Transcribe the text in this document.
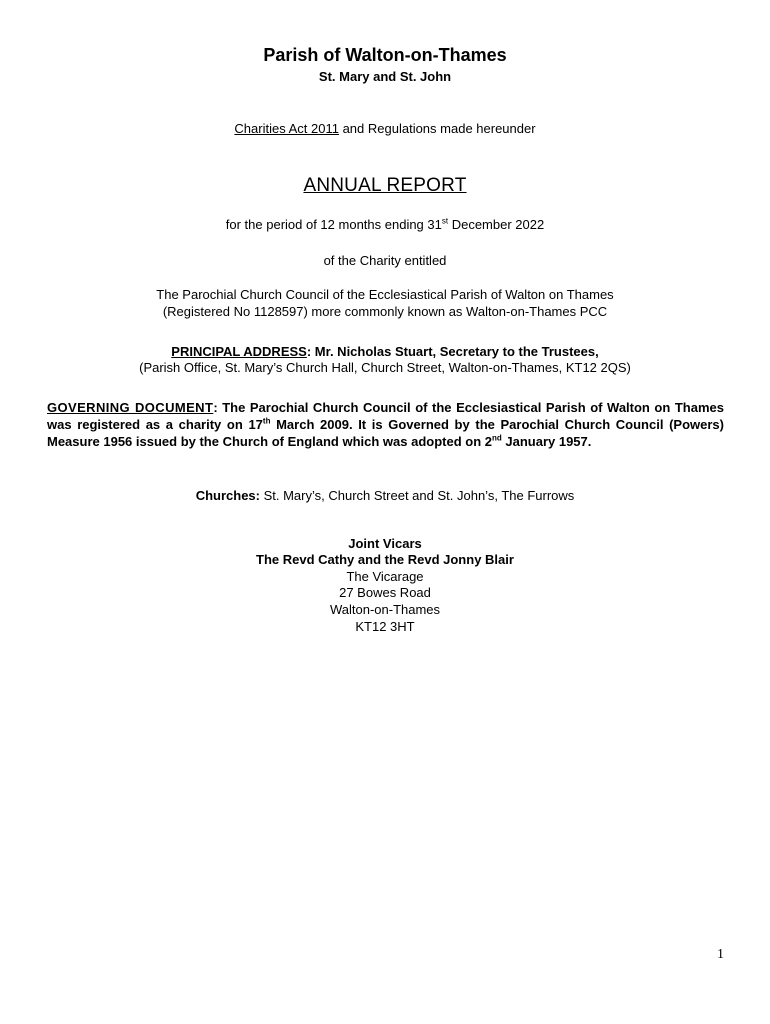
Parish of Walton-on-Thames
St. Mary and St. John
Charities Act 2011 and Regulations made hereunder
ANNUAL REPORT
for the period of 12 months ending 31st December 2022
of the Charity entitled
The Parochial Church Council of the Ecclesiastical Parish of Walton on Thames
(Registered No 1128597) more commonly known as Walton-on-Thames PCC
PRINCIPAL ADDRESS: Mr. Nicholas Stuart, Secretary to the Trustees,
(Parish Office, St. Mary’s Church Hall, Church Street, Walton-on-Thames, KT12 2QS)
GOVERNING DOCUMENT: The Parochial Church Council of the Ecclesiastical Parish of Walton on Thames was registered as a charity on 17th March 2009. It is Governed by the Parochial Church Council (Powers) Measure 1956 issued by the Church of England which was adopted on 2nd January 1957.
Churches: St. Mary’s, Church Street and St. John’s, The Furrows
Joint Vicars
The Revd Cathy and the Revd Jonny Blair
The Vicarage
27 Bowes Road
Walton-on-Thames
KT12 3HT
1
